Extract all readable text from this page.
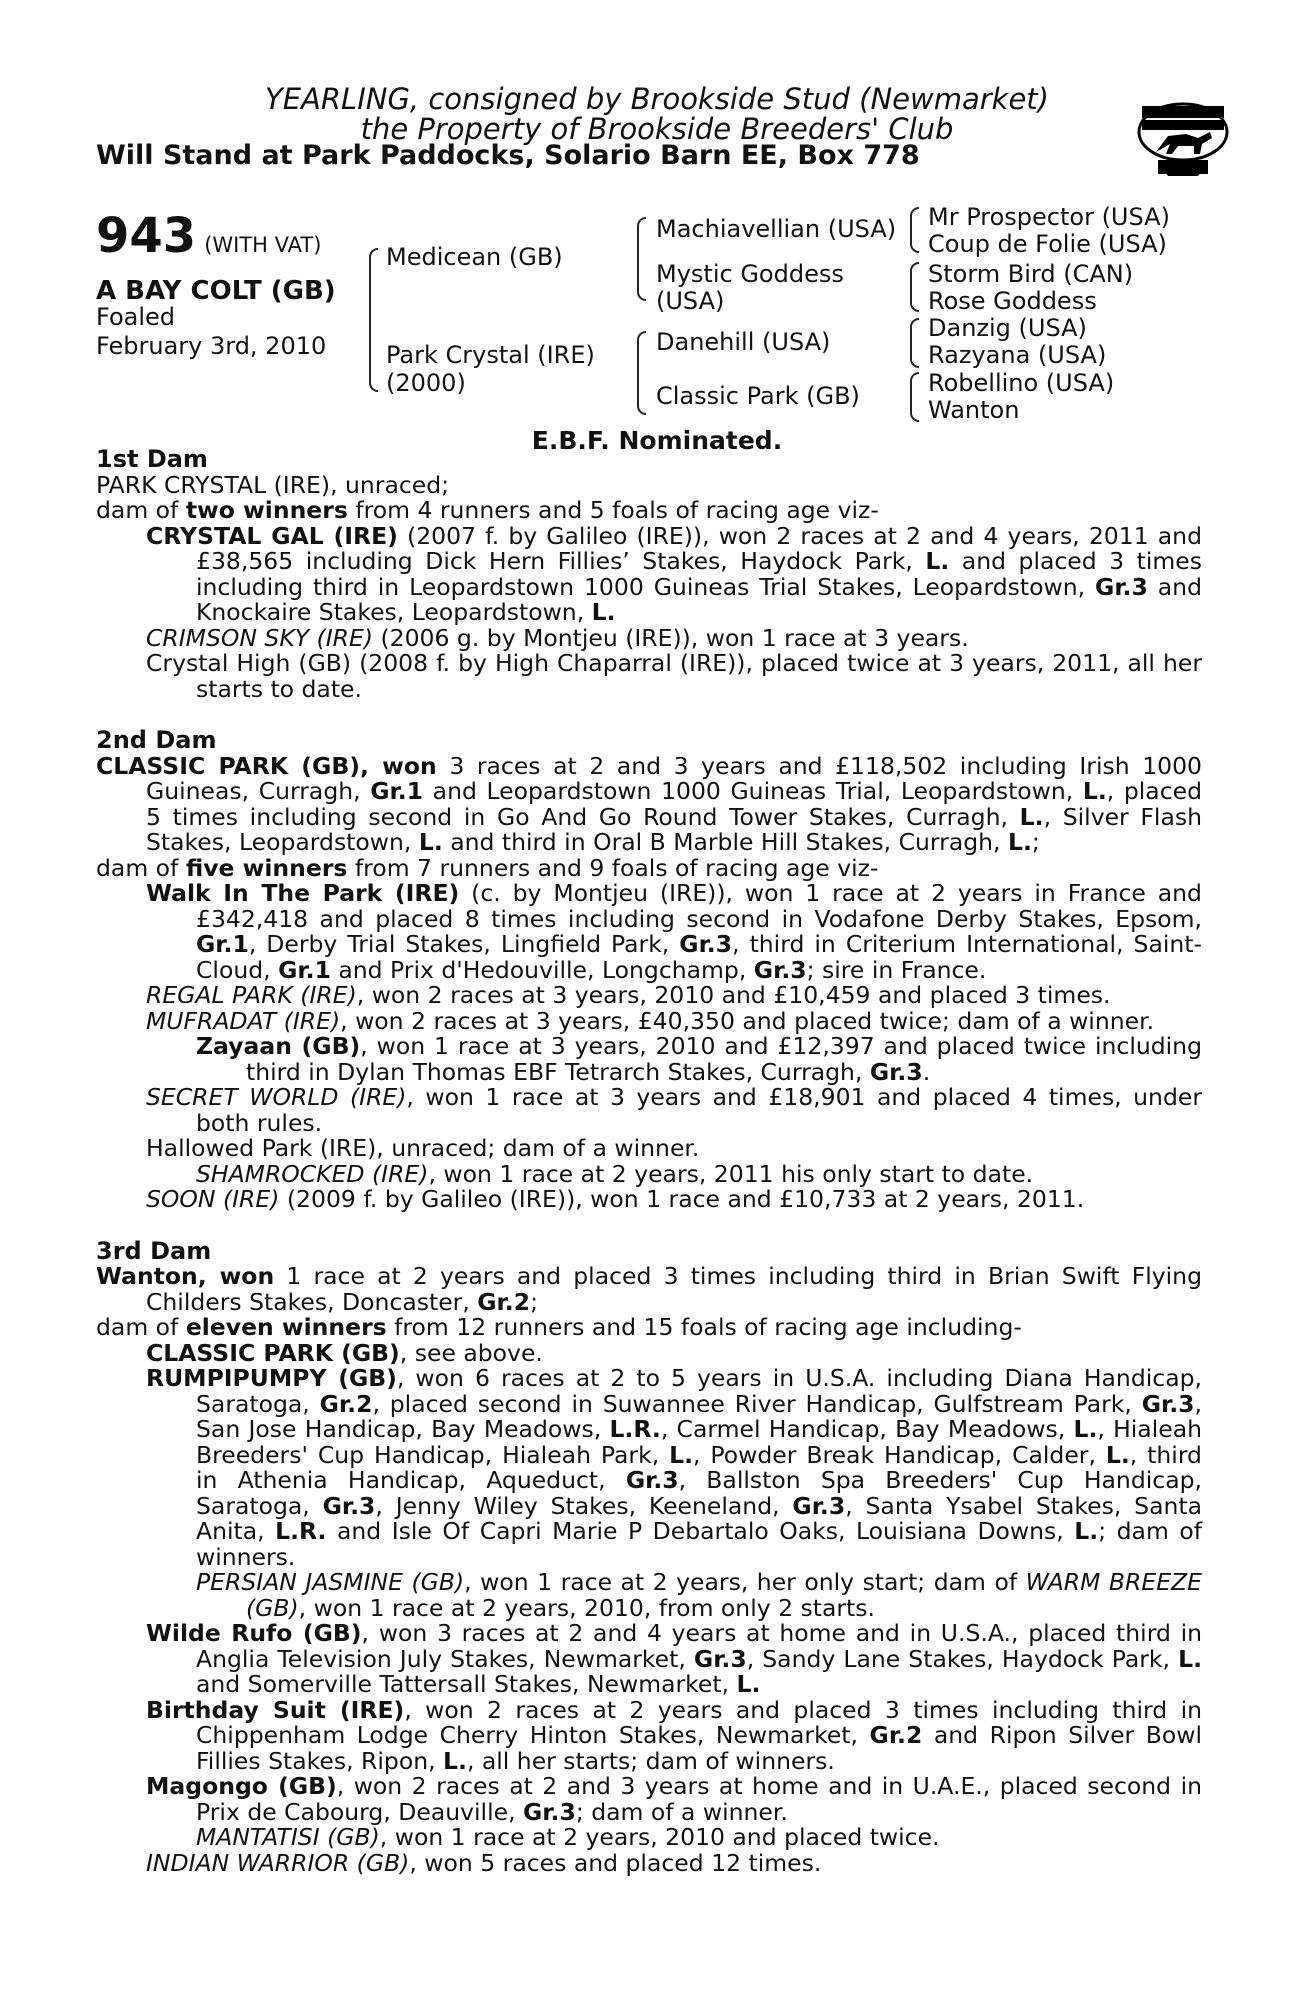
YEARLING, consigned by Brookside Stud (Newmarket)
the Property of Brookside Breeders' Club
Will Stand at Park Paddocks, Solario Barn EE, Box 778
943 (WITH VAT)
A BAY COLT (GB)
Foaled
February 3rd, 2010
Medicean (GB)
Park Crystal (IRE)
(2000)
Machiavellian (USA)
Mystic Goddess
(USA)
Danehill (USA)
Classic Park (GB)
Mr Prospector (USA)
Coup de Folie (USA)
Storm Bird (CAN)
Rose Goddess
Danzig (USA)
Razyana (USA)
Robellino (USA)
Wanton
E.B.F. Nominated.
1st Dam
PARK CRYSTAL (IRE), unraced;
dam of two winners from 4 runners and 5 foals of racing age viz-
CRYSTAL GAL (IRE) (2007 f. by Galileo (IRE)), won 2 races at 2 and 4 years, 2011 and £38,565 including Dick Hern Fillies’ Stakes, Haydock Park, L. and placed 3 times including third in Leopardstown 1000 Guineas Trial Stakes, Leopardstown, Gr.3 and Knockaire Stakes, Leopardstown, L.
CRIMSON SKY (IRE) (2006 g. by Montjeu (IRE)), won 1 race at 3 years.
Crystal High (GB) (2008 f. by High Chaparral (IRE)), placed twice at 3 years, 2011, all her starts to date.
2nd Dam
CLASSIC PARK (GB), won 3 races at 2 and 3 years and £118,502 including Irish 1000 Guineas, Curragh, Gr.1 and Leopardstown 1000 Guineas Trial, Leopardstown, L., placed 5 times including second in Go And Go Round Tower Stakes, Curragh, L., Silver Flash Stakes, Leopardstown, L. and third in Oral B Marble Hill Stakes, Curragh, L.;
dam of five winners from 7 runners and 9 foals of racing age viz-
Walk In The Park (IRE) (c. by Montjeu (IRE)), won 1 race at 2 years in France and £342,418 and placed 8 times including second in Vodafone Derby Stakes, Epsom, Gr.1, Derby Trial Stakes, Lingfield Park, Gr.3, third in Criterium International, Saint-Cloud, Gr.1 and Prix d'Hedouville, Longchamp, Gr.3; sire in France.
REGAL PARK (IRE), won 2 races at 3 years, 2010 and £10,459 and placed 3 times.
MUFRADAT (IRE), won 2 races at 3 years, £40,350 and placed twice; dam of a winner.
Zayaan (GB), won 1 race at 3 years, 2010 and £12,397 and placed twice including third in Dylan Thomas EBF Tetrarch Stakes, Curragh, Gr.3.
SECRET WORLD (IRE), won 1 race at 3 years and £18,901 and placed 4 times, under both rules.
Hallowed Park (IRE), unraced; dam of a winner.
SHAMROCKED (IRE), won 1 race at 2 years, 2011 his only start to date.
SOON (IRE) (2009 f. by Galileo (IRE)), won 1 race and £10,733 at 2 years, 2011.
3rd Dam
Wanton, won 1 race at 2 years and placed 3 times including third in Brian Swift Flying Childers Stakes, Doncaster, Gr.2;
dam of eleven winners from 12 runners and 15 foals of racing age including-
CLASSIC PARK (GB), see above.
RUMPIPUMPY (GB), won 6 races at 2 to 5 years in U.S.A. including Diana Handicap, Saratoga, Gr.2, placed second in Suwannee River Handicap, Gulfstream Park, Gr.3, San Jose Handicap, Bay Meadows, L.R., Carmel Handicap, Bay Meadows, L., Hialeah Breeders' Cup Handicap, Hialeah Park, L., Powder Break Handicap, Calder, L., third in Athenia Handicap, Aqueduct, Gr.3, Ballston Spa Breeders' Cup Handicap, Saratoga, Gr.3, Jenny Wiley Stakes, Keeneland, Gr.3, Santa Ysabel Stakes, Santa Anita, L.R. and Isle Of Capri Marie P Debartalo Oaks, Louisiana Downs, L.; dam of winners.
PERSIAN JASMINE (GB), won 1 race at 2 years, her only start; dam of WARM BREEZE (GB), won 1 race at 2 years, 2010, from only 2 starts.
Wilde Rufo (GB), won 3 races at 2 and 4 years at home and in U.S.A., placed third in Anglia Television July Stakes, Newmarket, Gr.3, Sandy Lane Stakes, Haydock Park, L. and Somerville Tattersall Stakes, Newmarket, L.
Birthday Suit (IRE), won 2 races at 2 years and placed 3 times including third in Chippenham Lodge Cherry Hinton Stakes, Newmarket, Gr.2 and Ripon Silver Bowl Fillies Stakes, Ripon, L., all her starts; dam of winners.
Magongo (GB), won 2 races at 2 and 3 years at home and in U.A.E., placed second in Prix de Cabourg, Deauville, Gr.3; dam of a winner.
MANTATISI (GB), won 1 race at 2 years, 2010 and placed twice.
INDIAN WARRIOR (GB), won 5 races and placed 12 times.
